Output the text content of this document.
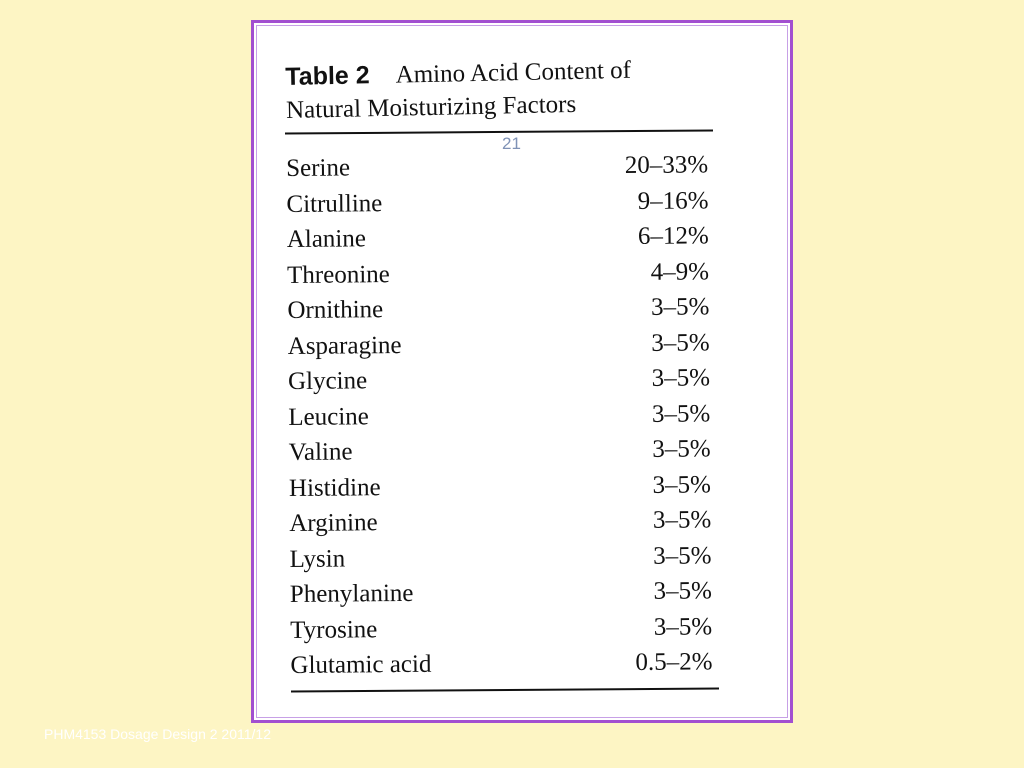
Table 2 Amino Acid Content of
Natural Moisturizing Factors
21
Serine	20–33%
Citrulline	9–16%
Alanine	6–12%
Threonine	4–9%
Ornithine	3–5%
Asparagine	3–5%
Glycine	3–5%
Leucine	3–5%
Valine	3–5%
Histidine	3–5%
Arginine	3–5%
Lysin	3–5%
Phenylanine	3–5%
Tyrosine	3–5%
Glutamic acid	0.5–2%
PHM4153 Dosage Design 2 2011/12
